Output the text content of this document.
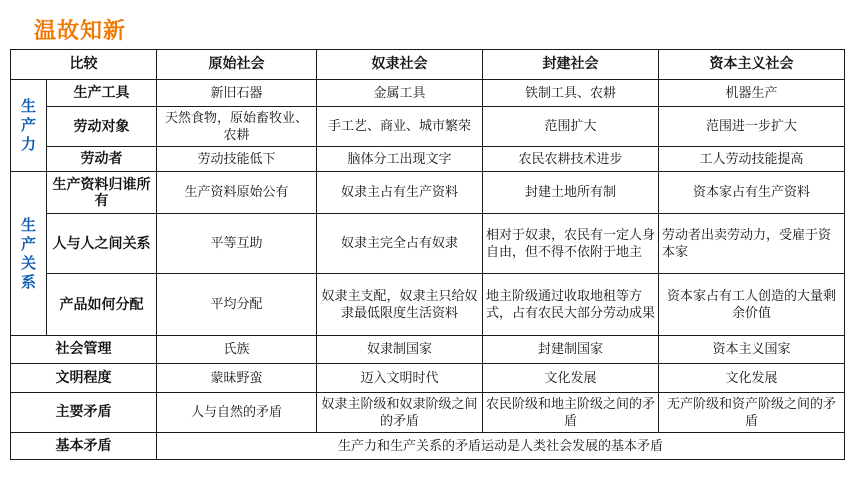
温故知新
比较		原始社会	奴隶社会	封建社会	资本主义社会

生
产
力	生产工具	新旧石器	金属工具	铁制工具、农耕	机器生产
	劳动对象	天然食物，原始畜牧业、农耕	手工艺、商业、城市繁荣	范围扩大	范围进一步扩大
	劳动者	劳动技能低下	脑体分工出现文字	农民农耕技术进步	工人劳动技能提高

生
产
关
系	生产资料归谁所有	生产资料原始公有	奴隶主占有生产资料	封建土地所有制	资本家占有生产资料
	人与人之间关系	平等互助	奴隶主完全占有奴隶	相对于奴隶，农民有一定人身自由，但不得不依附于地主	劳动者出卖劳动力，受雇于资本家
	产品如何分配	平均分配	奴隶主支配，奴隶主只给奴隶最低限度生活资料	地主阶级通过收取地租等方式，占有农民大部分劳动成果	资本家占有工人创造的大量剩余价值
社会管理		氏族	奴隶制国家	封建制国家	资本主义国家
文明程度		蒙昧野蛮	迈入文明时代	文化发展	文化发展
主要矛盾		人与自然的矛盾	奴隶主阶级和奴隶阶级之间的矛盾	农民阶级和地主阶级之间的矛盾	无产阶级和资产阶级之间的矛盾
基本矛盾		生产力和生产关系的矛盾运动是人类社会发展的基本矛盾			
